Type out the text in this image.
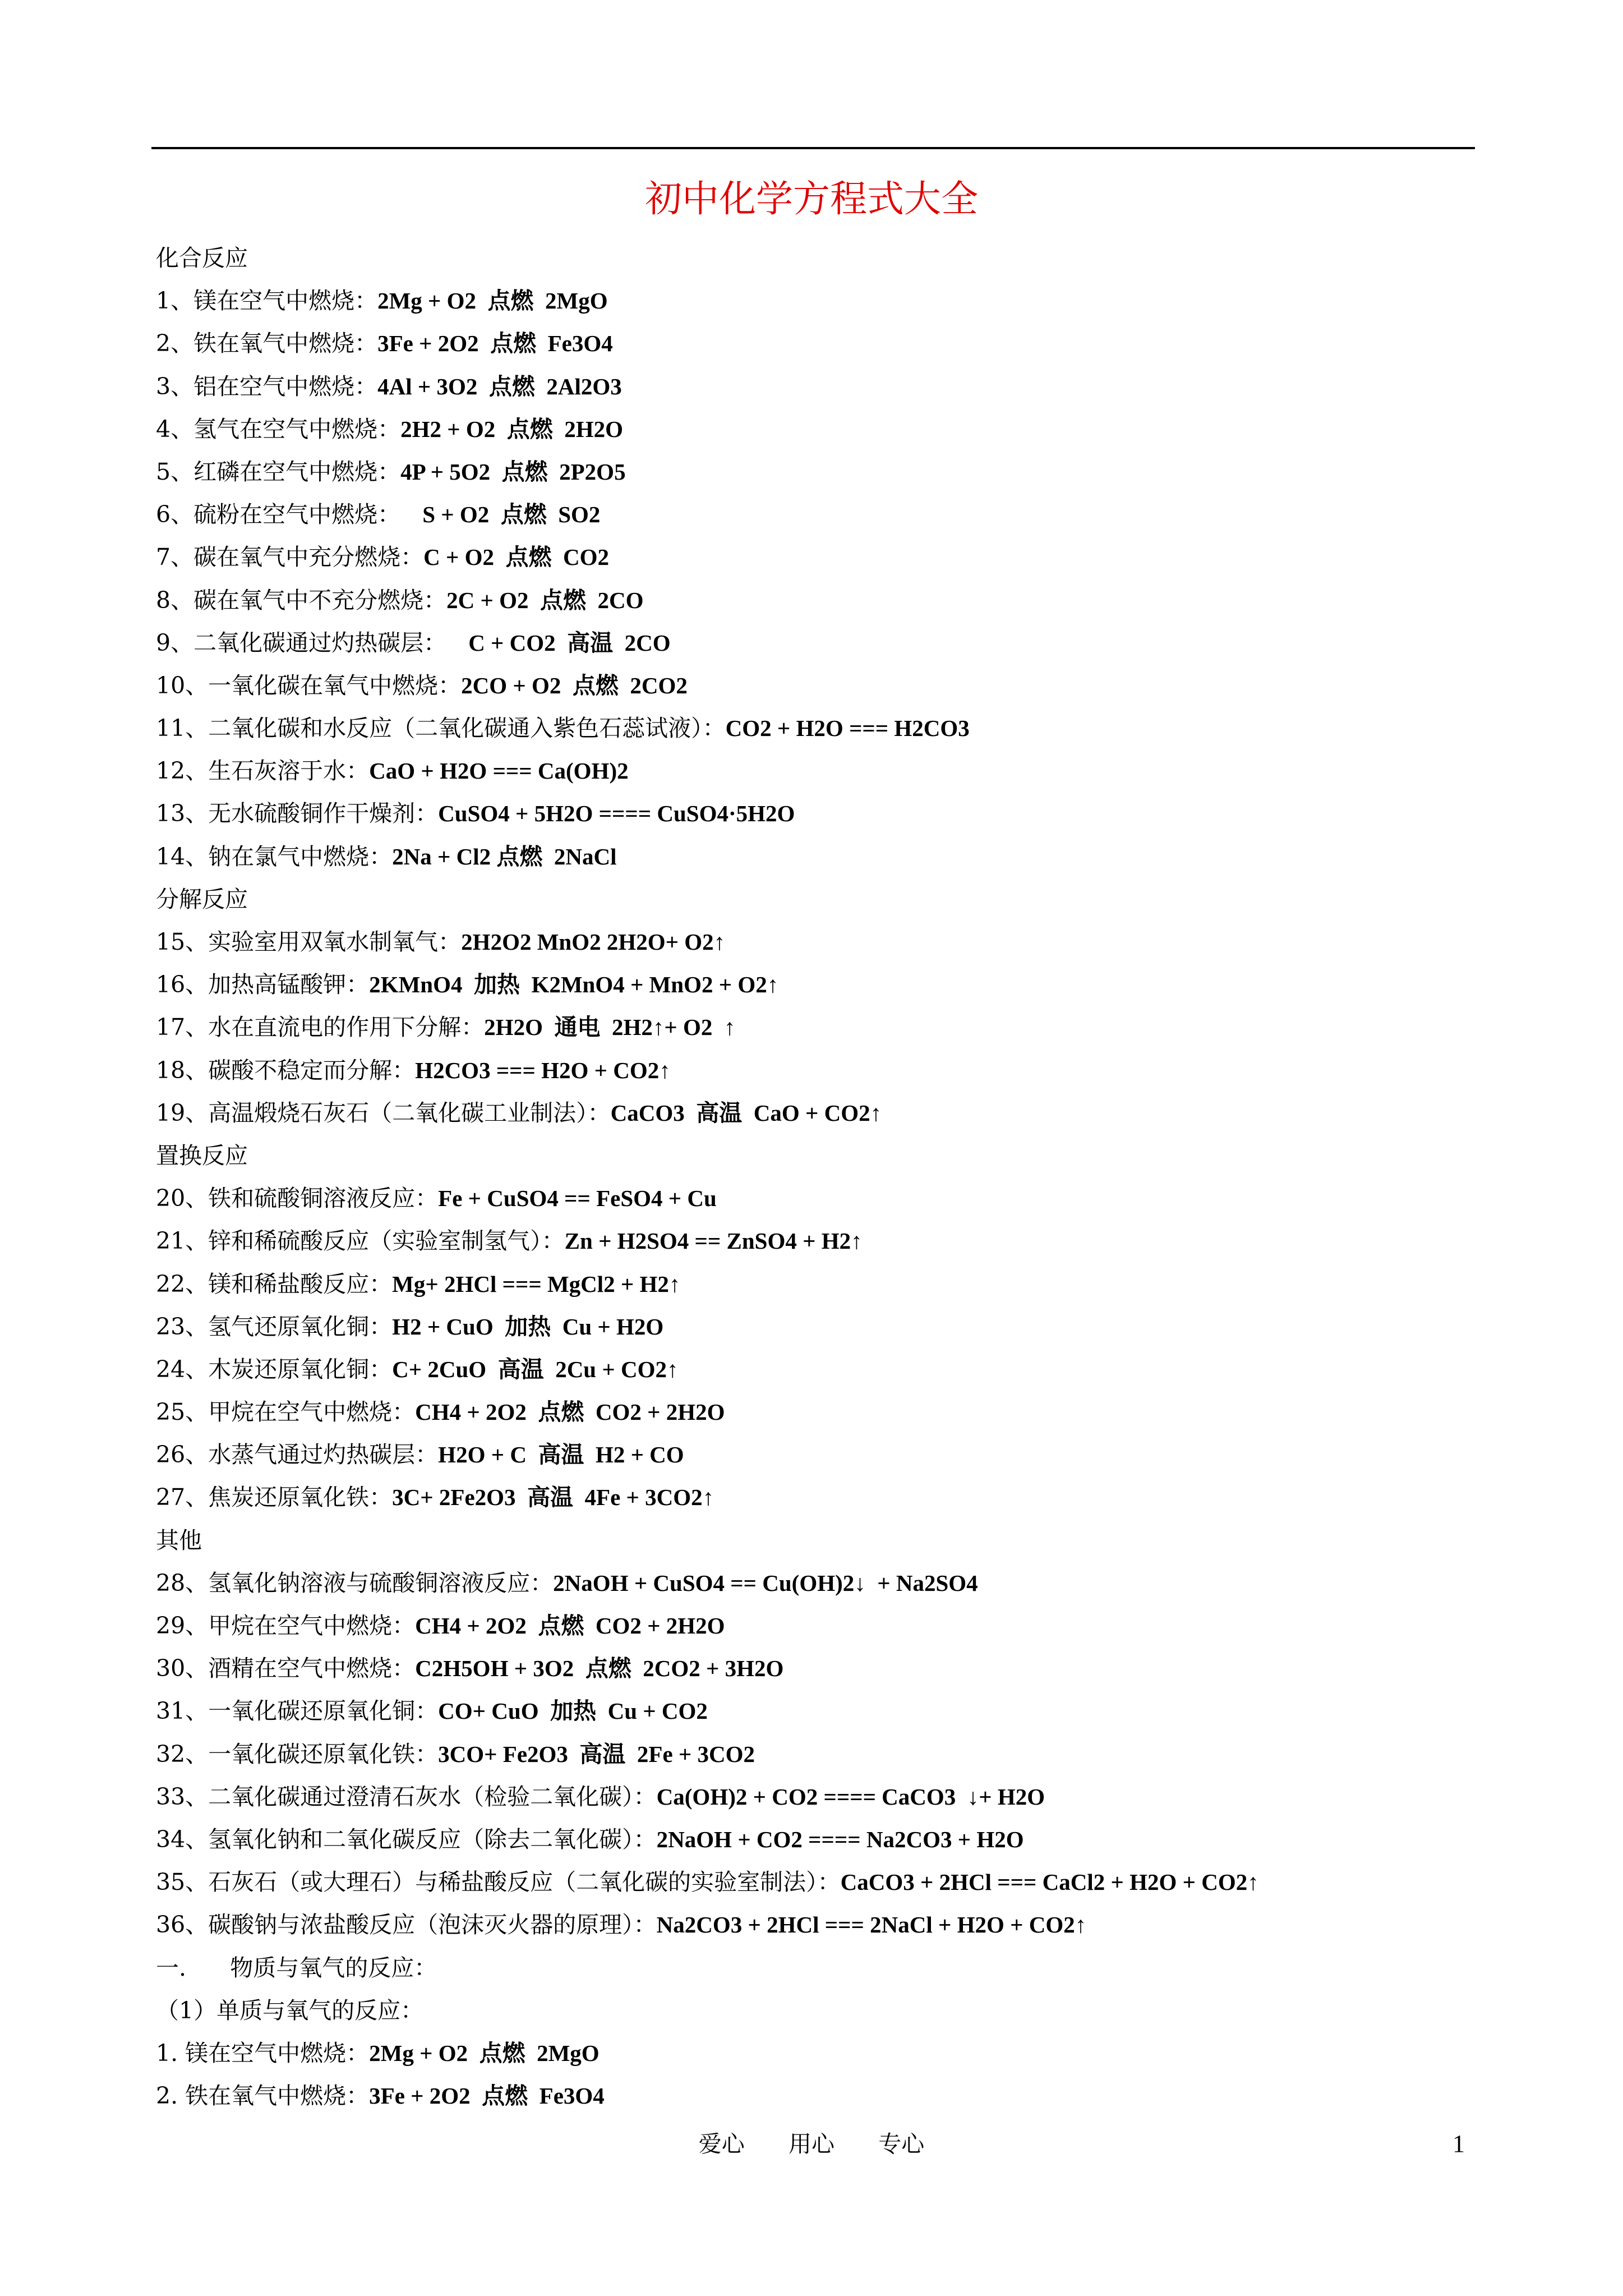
初中化学方程式大全
化合反应
1、镁在空气中燃烧：2Mg + O2  点燃  2MgO
2、铁在氧气中燃烧：3Fe + 2O2  点燃  Fe3O4
3、铝在空气中燃烧：4Al + 3O2  点燃  2Al2O3
4、氢气在空气中燃烧：2H2 + O2  点燃  2H2O
5、红磷在空气中燃烧：4P + 5O2  点燃  2P2O5
6、硫粉在空气中燃烧：   S + O2  点燃  SO2
7、碳在氧气中充分燃烧：C + O2  点燃  CO2
8、碳在氧气中不充分燃烧：2C + O2  点燃  2CO
9、二氧化碳通过灼热碳层：   C + CO2  高温  2CO
10、一氧化碳在氧气中燃烧：2CO + O2  点燃  2CO2
11、二氧化碳和水反应（二氧化碳通入紫色石蕊试液）：CO2 + H2O === H2CO3
12、生石灰溶于水：CaO + H2O === Ca(OH)2
13、无水硫酸铜作干燥剂：CuSO4 + 5H2O ==== CuSO4·5H2O
14、钠在氯气中燃烧：2Na + Cl2 点燃  2NaCl
分解反应
15、实验室用双氧水制氧气：2H2O2 MnO2 2H2O+ O2↑
16、加热高锰酸钾：2KMnO4  加热  K2MnO4 + MnO2 + O2↑
17、水在直流电的作用下分解：2H2O  通电  2H2↑+ O2  ↑
18、碳酸不稳定而分解：H2CO3 === H2O + CO2↑
19、高温煅烧石灰石（二氧化碳工业制法）：CaCO3  高温  CaO + CO2↑
置换反应
20、铁和硫酸铜溶液反应：Fe + CuSO4 == FeSO4 + Cu
21、锌和稀硫酸反应（实验室制氢气）：Zn + H2SO4 == ZnSO4 + H2↑
22、镁和稀盐酸反应：Mg+ 2HCl === MgCl2 + H2↑
23、氢气还原氧化铜：H2 + CuO  加热  Cu + H2O
24、木炭还原氧化铜：C+ 2CuO  高温  2Cu + CO2↑
25、甲烷在空气中燃烧：CH4 + 2O2  点燃  CO2 + 2H2O
26、水蒸气通过灼热碳层：H2O + C  高温  H2 + CO
27、焦炭还原氧化铁：3C+ 2Fe2O3  高温  4Fe + 3CO2↑
其他
28、氢氧化钠溶液与硫酸铜溶液反应：2NaOH + CuSO4 == Cu(OH)2↓  + Na2SO4
29、甲烷在空气中燃烧：CH4 + 2O2  点燃  CO2 + 2H2O
30、酒精在空气中燃烧：C2H5OH + 3O2  点燃  2CO2 + 3H2O
31、一氧化碳还原氧化铜：CO+ CuO  加热  Cu + CO2
32、一氧化碳还原氧化铁：3CO+ Fe2O3  高温  2Fe + 3CO2
33、二氧化碳通过澄清石灰水（检验二氧化碳）：Ca(OH)2 + CO2 ==== CaCO3  ↓+ H2O
34、氢氧化钠和二氧化碳反应（除去二氧化碳）：2NaOH + CO2 ==== Na2CO3 + H2O
35、石灰石（或大理石）与稀盐酸反应（二氧化碳的实验室制法）：CaCO3 + 2HCl === CaCl2 + H2O + CO2↑
36、碳酸钠与浓盐酸反应（泡沫灭火器的原理）：Na2CO3 + 2HCl === 2NaCl + H2O + CO2↑
一.      物质与氧气的反应：
（1）单质与氧气的反应：
1. 镁在空气中燃烧：2Mg + O2  点燃  2MgO
2. 铁在氧气中燃烧：3Fe + 2O2  点燃  Fe3O4
爱心      用心      专心	1
